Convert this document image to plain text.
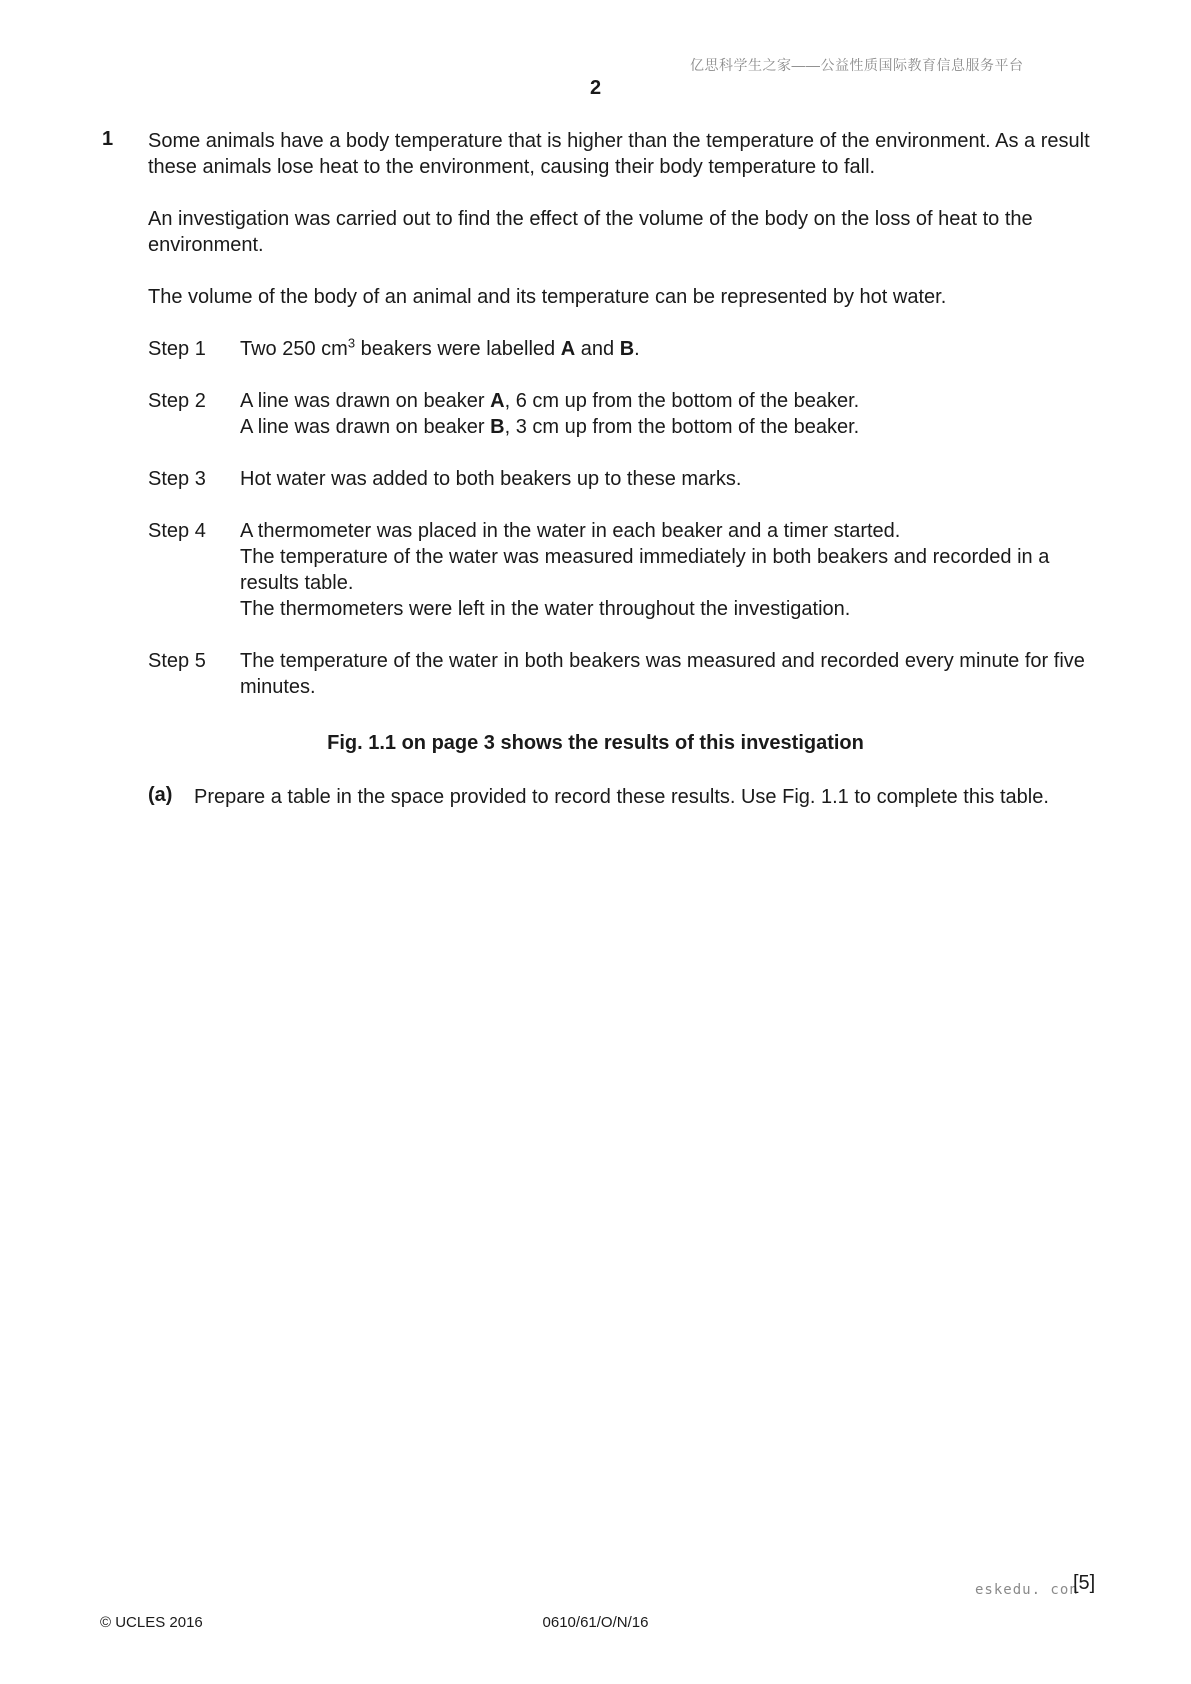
亿思科学生之家——公益性质国际教育信息服务平台
2
1 Some animals have a body temperature that is higher than the temperature of the environment. As a result these animals lose heat to the environment, causing their body temperature to fall.

An investigation was carried out to find the effect of the volume of the body on the loss of heat to the environment.

The volume of the body of an animal and its temperature can be represented by hot water.

Step 1 Two 250 $cm^3$ beakers were labelled A and B.
Step 2 A line was drawn on beaker A, 6 cm up from the bottom of the beaker.
A line was drawn on beaker B, 3 cm up from the bottom of the beaker.
Step 3 Hot water was added to both beakers up to these marks.
Step 4 A thermometer was placed in the water in each beaker and a timer started.
The temperature of the water was measured immediately in both beakers and recorded in a results table.
The thermometers were left in the water throughout the investigation.
Step 5 The temperature of the water in both beakers was measured and recorded every minute for five minutes.
Fig. 1.1 on page 3 shows the results of this investigation
(a) Prepare a table in the space provided to record these results. Use Fig. 1.1 to complete this table.
eskedu. con
[5]
© UCLES 2016	0610/61/O/N/16
